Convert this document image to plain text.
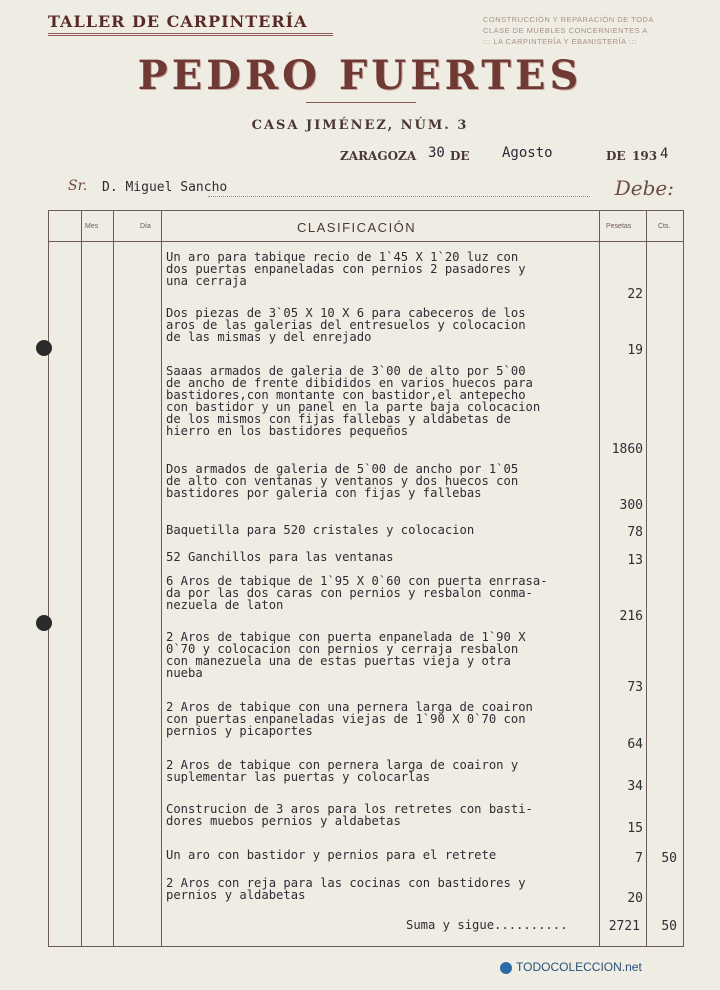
TALLER DE CARPINTERÍA	CONSTRUCCIÓN Y REPARACIÓN DE TODA
CLASE DE MUEBLES CONCERNIENTES A
::: LA CARPINTERÍA Y EBANISTERÍA :::
PEDRO FUERTES
CASA JIMÉNEZ, NÚM. 3
ZARAGOZA 30 DE Agosto	DE 193 4
Sr. D. Miguel Sancho	Debe:
Mes	Día	CLASIFICACIÓN	Pesetas	Cts.
Un aro para tabique recio de 1`45 X 1`20 luz con
dos puertas enpaneladas con pernios 2 pasadores y
una cerraja
22
Dos piezas de 3`05 X 10 X 6 para cabeceros de los
aros de las galerias del entresuelos y colocacion
de las mismas y del enrejado
19
Saaas armados de galeria de 3`00 de alto por 5`00
de ancho de frente dibididos en varios huecos para
bastidores,con montante con bastidor,el antepecho
con bastidor y un panel en la parte baja colocacion
de los mismos con fijas fallebas y aldabetas de
hierro en los bastidores pequeños
1860
Dos armados de galeria de 5`00 de ancho por 1`05
de alto con ventanas y ventanos y dos huecos con
bastidores por galeria con fijas y fallebas
300
Baquetilla para 520 cristales y colocacion	78
52 Ganchillos para las ventanas	13
6 Aros de tabique de 1`95 X 0`60 con puerta enrrasa-
da por las dos caras con pernios y resbalon conma-
nezuela de laton
216
2 Aros de tabique con puerta enpanelada de 1`90 X
0`70 y colocacion con pernios y cerraja resbalon
con manezuela una de estas puertas vieja y otra
nueba
73
2 Aros de tabique con una pernera larga de coairon
con puertas enpaneladas viejas de 1`90 X 0`70 con
pernios y picaportes
64
2 Aros de tabique con pernera larga de coairon y
suplementar las puertas y colocarlas
34
Construcion de 3 aros para los retretes con basti-
dores muebos pernios y aldabetas	15
Un aro con bastidor y pernios para el retrete	7	50
2 Aros con reja para las cocinas con bastidores y
pernios y aldabetas	20
Suma y sigue..........	2721	50
TODOCOLECCION.net
